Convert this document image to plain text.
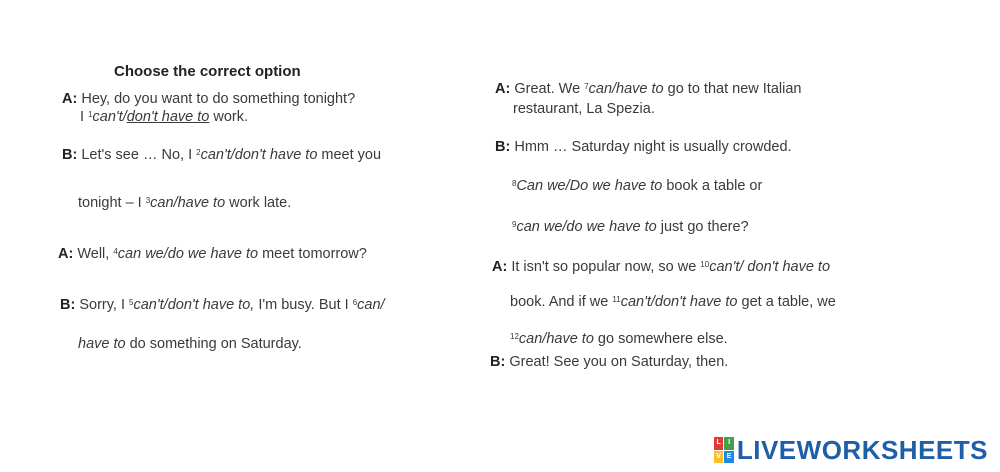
Choose the correct option
A: Hey, do you want to do something tonight?
I $^1$can't/don't have to work.
B: Let's see … No, I $^2$can't/don't have to meet you
tonight – I $^3$can/have to work late.
A: Well, $^4$can we/do we have to meet tomorrow?
B: Sorry, I $^5$can't/don't have to, I'm busy. But I $^6$can/
have to do something on Saturday.
A: Great. We $^7$can/have to go to that new Italian
restaurant, La Spezia.
B: Hmm … Saturday night is usually crowded.
$^8$Can we/Do we have to book a table or
$^9$can we/do we have to just go there?
A: It isn't so popular now, so we $^{10}$can't/ don't have to
book. And if we $^{11}$can't/don't have to get a table, we
$^{12}$can/have to go somewhere else.
B: Great! See you on Saturday, then.
L	I
V E LIVEWORKSHEETS
